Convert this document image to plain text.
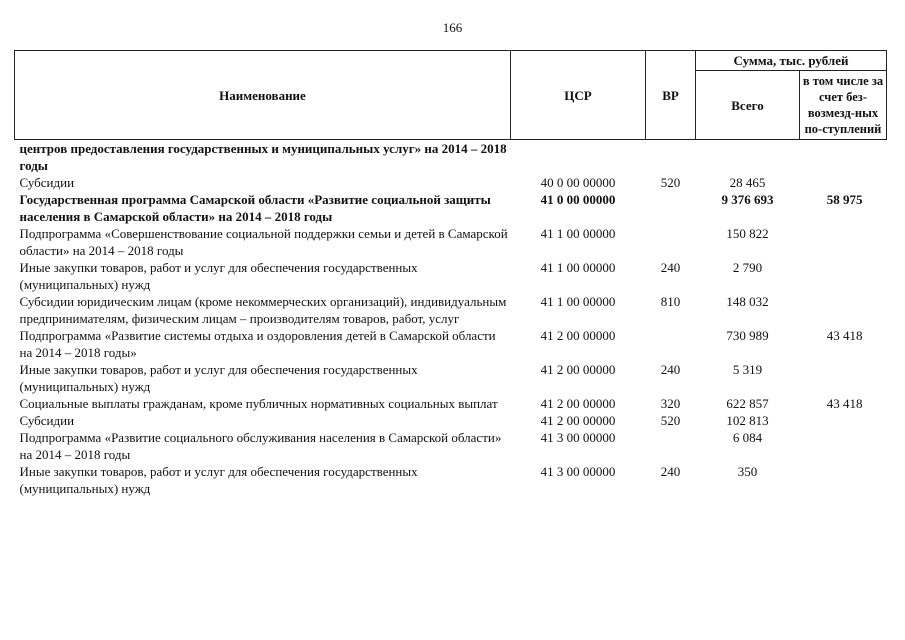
166
Наименование	ЦСР	ВР	Сумма, тыс. рублей	
			Всего	в том числе за счет без-возмезд-ных по-ступлений
центров предоставления государственных и муниципальных услуг» на 2014 – 2018 годы				
Субсидии	40 0 00 00000	520	28 465	
Государственная программа Самарской области «Развитие социальной защиты населения в Самарской области» на 2014 – 2018 годы	41 0 00 00000		9 376 693	58 975
Подпрограмма «Совершенствование социальной поддержки семьи и детей в Самарской области» на 2014 – 2018 годы	41 1 00 00000		150 822	
Иные закупки товаров, работ и услуг для обеспечения государственных (муниципальных) нужд	41 1 00 00000	240	2 790	
Субсидии юридическим лицам (кроме некоммерческих организаций), индивидуальным предпринимателям, физическим лицам – производителям товаров, работ, услуг	41 1 00 00000	810	148 032	
Подпрограмма «Развитие системы отдыха и оздоровления детей в Самарской области на 2014 – 2018 годы»	41 2 00 00000		730 989	43 418
Иные закупки товаров, работ и услуг для обеспечения государственных (муниципальных) нужд	41 2 00 00000	240	5 319	
Социальные выплаты гражданам, кроме публичных нормативных социальных выплат	41 2 00 00000	320	622 857	43 418
Субсидии	41 2 00 00000	520	102 813	
Подпрограмма «Развитие социального обслуживания населения в Самарской области» на 2014 – 2018 годы	41 3 00 00000		6 084	
Иные закупки товаров, работ и услуг для обеспечения государственных (муниципальных) нужд	41 3 00 00000	240	350	
